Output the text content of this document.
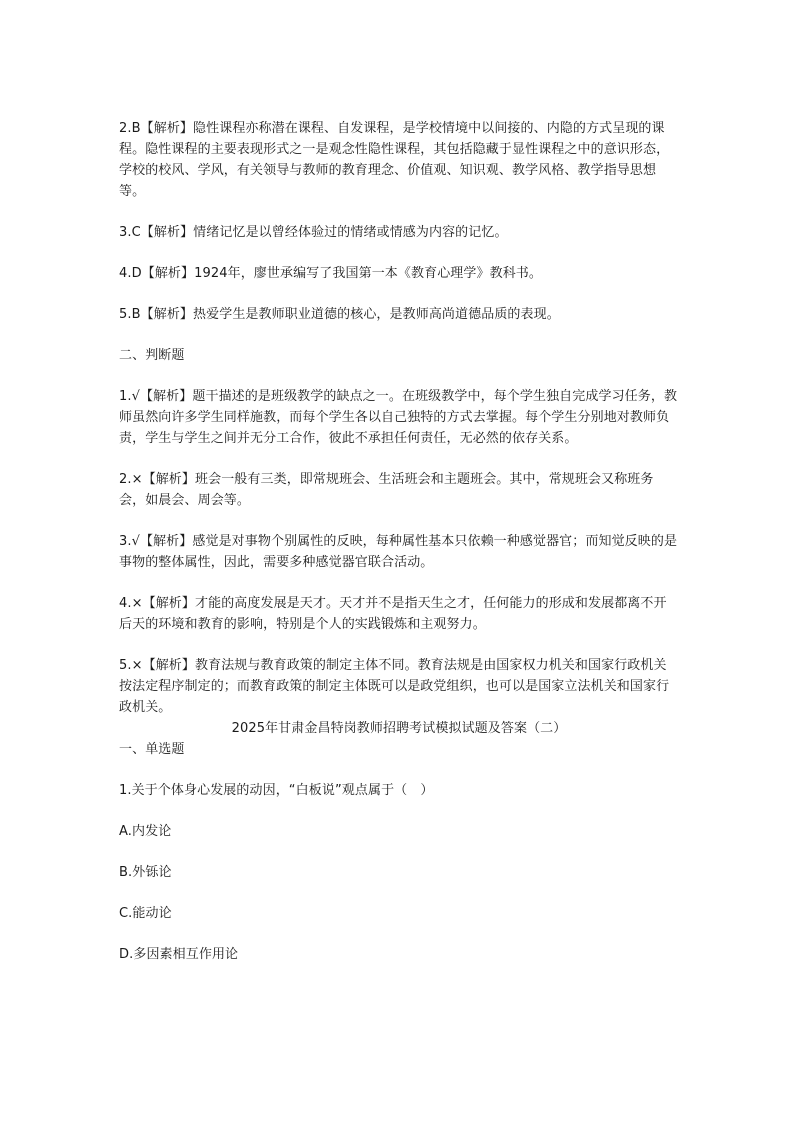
2.B【解析】隐性课程亦称潜在课程、自发课程，是学校情境中以间接的、内隐的方式呈现的课程。隐性课程的主要表现形式之一是观念性隐性课程，其包括隐藏于显性课程之中的意识形态，学校的校风、学风，有关领导与教师的教育理念、价值观、知识观、教学风格、教学指导思想等。

3.C【解析】情绪记忆是以曾经体验过的情绪或情感为内容的记忆。

4.D【解析】1924年，廖世承编写了我国第一本《教育心理学》教科书。

5.B【解析】热爱学生是教师职业道德的核心，是教师高尚道德品质的表现。

二、判断题

1.√【解析】题干描述的是班级教学的缺点之一。在班级教学中，每个学生独自完成学习任务，教师虽然向许多学生同样施教，而每个学生各以自己独特的方式去掌握。每个学生分别地对教师负责，学生与学生之间并无分工合作，彼此不承担任何责任，无必然的依存关系。

2.×【解析】班会一般有三类，即常规班会、生活班会和主题班会。其中，常规班会又称班务会，如晨会、周会等。

3.√【解析】感觉是对事物个别属性的反映，每种属性基本只依赖一种感觉器官；而知觉反映的是事物的整体属性，因此，需要多种感觉器官联合活动。

4.×【解析】才能的高度发展是天才。天才并不是指天生之才，任何能力的形成和发展都离不开后天的环境和教育的影响，特别是个人的实践锻炼和主观努力。

5.×【解析】教育法规与教育政策的制定主体不同。教育法规是由国家权力机关和国家行政机关按法定程序制定的；而教育政策的制定主体既可以是政党组织，也可以是国家立法机关和国家行政机关。

2025年甘肃金昌特岗教师招聘考试模拟试题及答案（二）

一、单选题

1.关于个体身心发展的动因，“白板说”观点属于（　）

A.内发论

B.外铄论

C.能动论

D.多因素相互作用论
